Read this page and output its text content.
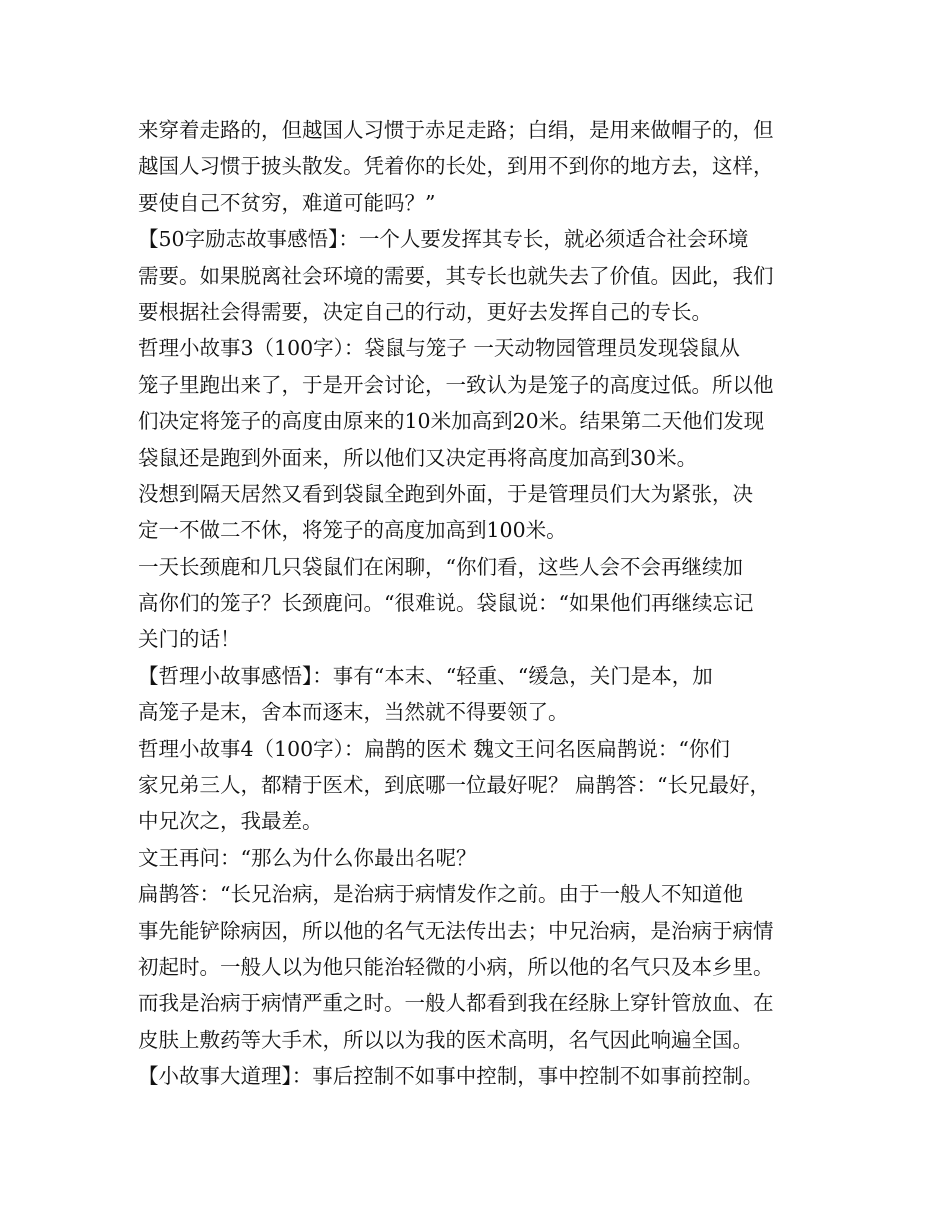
来穿着走路的，但越国人习惯于赤足走路；白绢，是用来做帽子的，但
越国人习惯于披头散发。凭着你的长处，到用不到你的地方去，这样，
要使自己不贫穷，难道可能吗？”
【50字励志故事感悟】：一个人要发挥其专长，就必须适合社会环境
需要。如果脱离社会环境的需要，其专长也就失去了价值。因此，我们
要根据社会得需要，决定自己的行动，更好去发挥自己的专长。
哲理小故事3（100字）：袋鼠与笼子 一天动物园管理员发现袋鼠从
笼子里跑出来了，于是开会讨论，一致认为是笼子的高度过低。所以他
们决定将笼子的高度由原来的10米加高到20米。结果第二天他们发现
袋鼠还是跑到外面来，所以他们又决定再将高度加高到30米。
没想到隔天居然又看到袋鼠全跑到外面，于是管理员们大为紧张，决
定一不做二不休，将笼子的高度加高到100米。
一天长颈鹿和几只袋鼠们在闲聊，“你们看，这些人会不会再继续加
高你们的笼子？长颈鹿问。“很难说。袋鼠说：“如果他们再继续忘记
关门的话！
【哲理小故事感悟】：事有“本末、“轻重、“缓急，关门是本，加
高笼子是末，舍本而逐末，当然就不得要领了。
哲理小故事4（100字）：扁鹊的医术 魏文王问名医扁鹊说：“你们
家兄弟三人，都精于医术，到底哪一位最好呢？ 扁鹊答：“长兄最好，
中兄次之，我最差。
文王再问：“那么为什么你最出名呢？
扁鹊答：“长兄治病，是治病于病情发作之前。由于一般人不知道他
事先能铲除病因，所以他的名气无法传出去；中兄治病，是治病于病情
初起时。一般人以为他只能治轻微的小病，所以他的名气只及本乡里。
而我是治病于病情严重之时。一般人都看到我在经脉上穿针管放血、在
皮肤上敷药等大手术，所以以为我的医术高明，名气因此响遍全国。
【小故事大道理】：事后控制不如事中控制，事中控制不如事前控制。
